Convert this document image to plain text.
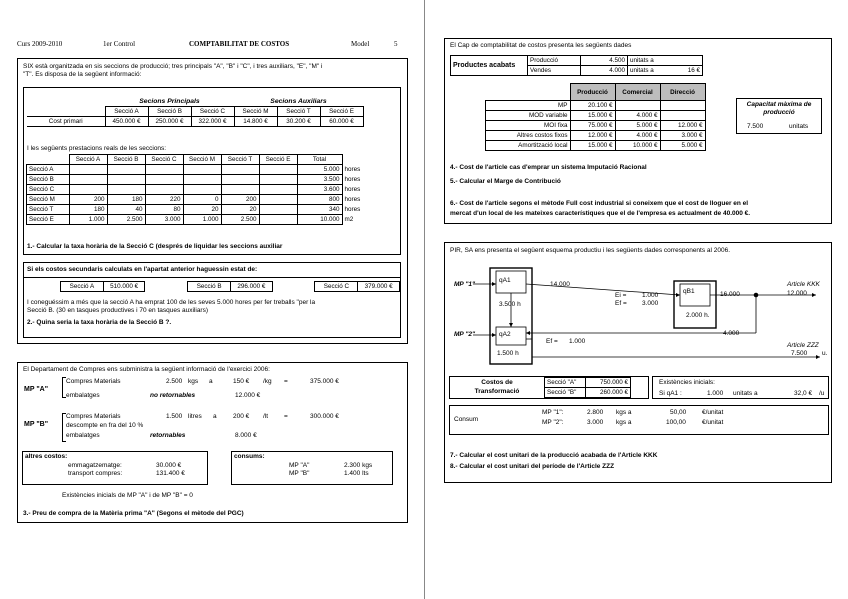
Curs 2009-2010	1er Control	COMPTABILITAT DE COSTOS	Model	5
SIX està organitzada en sis seccions de producció; tres principals "A", "B" i "C", i tres auxiliars, "E", "M" i
"T". Es disposa de la següent informació:
	Secions Principals			Secions Auxiliars		
	Secció A	Secció B	Secció C	Secció M	Secció T	Secció E
Cost primari	450.000 €	250.000 €	322.000 €	14.800 €	30.200 €	60.000 €
I les següents prestacions reals de les seccions:
	Secció A	Secció B	Secció C	Secció M	Secció T	Secció E	Total	
Secció A							5.000	hores
Secció B							3.500	hores
Secció C							3.600	hores
Secció M	200	180	220	0	200		800	hores
Secció T	180	40	80	20	20		340	hores
Secció E	1.000	2.500	3.000	1.000	2.500		10.000	m2
1.- Calcular la taxa horària de la Secció C (després de liquidar les seccions auxiliar
Si els costos secundaris calculats en l'apartat anterior haguessin estat de:
Secció A	510.000 €		Secció B	296.000 €		Secció C	379.000 €
I coneguéssim a més que la secció A ha emprat 100 de les seves 5.000 hores per fer treballs "per la
Secció B. (30 en tasques productives i 70 en tasques auxiliars)
2.- Quina seria la taxa horària de la Secció B ?.
El Departament de Compres ens subministra la següent informació de l'exercici 2006:
MP "A"
Compres Materials	2.500 kgs a	150 € /kg =	375.000 €
embalatges	no retornables	12.000 €
MP "B"
Compres Materials	1.500 litres a	200 € /lt =	300.000 €
descompte en fra del 10 %
embalatges	retornables	8.000 €
altres costos:
emmagatzematge:	30.000 €
transport compres:	131.400 €
consums:
MP "A"	2.300 kgs
MP "B"	1.400 lts
Existències inicials de MP "A" i de MP "B" = 0
3.- Preu de compra de la Matèria prima "A" (Segons el mètode del PGC)
El Cap de comptabilitat de costos presenta les següents dades
Productes acabats	Producció	4.500	unitats a	
	Vendes	4.000	unitats a	16 €
	Producció	Comercial	Direcció
MP	20.100 €		
MOD variable	15.000 €	4.000 €	
MOI fixa	75.000 €	5.000 €	12.000 €
Altres costos fixos	12.000 €	4.000 €	3.000 €
Amortització local	15.000 €	10.000 €	5.000 €
Capacitat màxima de
producció
7.500	unitats
4.- Cost de l'article cas d'emprar un sistema Imputació Racional
5.- Calcular el Marge de Contribució
6.- Cost de l'article segons el mètode Full cost industrial si coneixem que el cost de lloguer en el
mercat d'un local de les mateixes característiques que el de l'empresa es actualment de 40.000 €.
PIR, SA ens presenta el següent esquema productiu i les següents dades corresponents al 2006.
MP "1"
MP "2"
qA1
3.500 h
qA2
1.500 h
qB1
2.000 h.
14.000
Ei = 1.000
Ef = 3.000
16.000
4.000
Ef = 1.000
Article KKK
12.000
Article ZZZ
7.500 u.
Costos de
Transformació
Secció "A"	750.000 €
Secció "B"	260.000 €
Existències inicials:
Si qA1 :	1.000 unitats a	32,0 € /u
Consum
MP "1":	2.800 kgs a	50,00 €/unitat
MP "2":	3.000 kgs a	100,00 €/unitat
7.- Calcular el cost unitari de la producció acabada de l'Article KKK
8.- Calcular el cost unitari del període de l'Article ZZZ
